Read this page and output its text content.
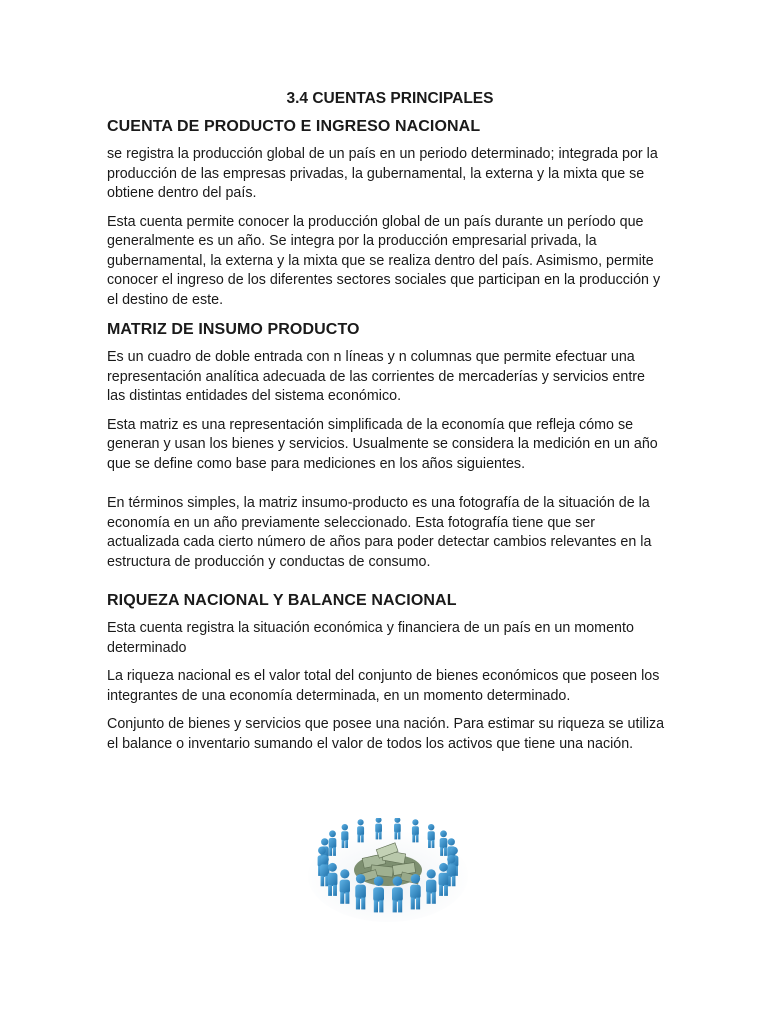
3.4 CUENTAS PRINCIPALES
CUENTA DE PRODUCTO E INGRESO NACIONAL

se registra la producción global de un país en un periodo determinado; integrada por la producción de las empresas privadas, la gubernamental, la externa y la mixta que se obtiene dentro del país.

Esta cuenta permite conocer la producción global de un país durante un período que generalmente es un año. Se integra por la producción empresarial privada, la gubernamental, la externa y la mixta que se realiza dentro del país. Asimismo, permite conocer el ingreso de los diferentes sectores sociales que participan en la producción y el destino de este.

MATRIZ DE INSUMO PRODUCTO

Es un cuadro de doble entrada con n líneas y n columnas que permite efectuar una representación analítica adecuada de las corrientes de mercaderías y servicios entre las distintas entidades del sistema económico.

Esta matriz es una representación simplificada de la economía que refleja cómo se generan y usan los bienes y servicios. Usualmente se considera la medición en un año que se define como base para mediciones en los años siguientes.

En términos simples, la matriz insumo-producto es una fotografía de la situación de la economía en un año previamente seleccionado. Esta fotografía tiene que ser actualizada cada cierto número de años para poder detectar cambios relevantes en la estructura de producción y conductas de consumo.

RIQUEZA NACIONAL Y BALANCE NACIONAL

Esta cuenta registra la situación económica y financiera de un país en un momento determinado

La riqueza nacional es el valor total del conjunto de bienes económicos que poseen los integrantes de una economía determinada, en un momento determinado.

Conjunto de bienes y servicios que posee una nación. Para estimar su riqueza se utiliza el balance o inventario sumando el valor de todos los activos que tiene una nación.
